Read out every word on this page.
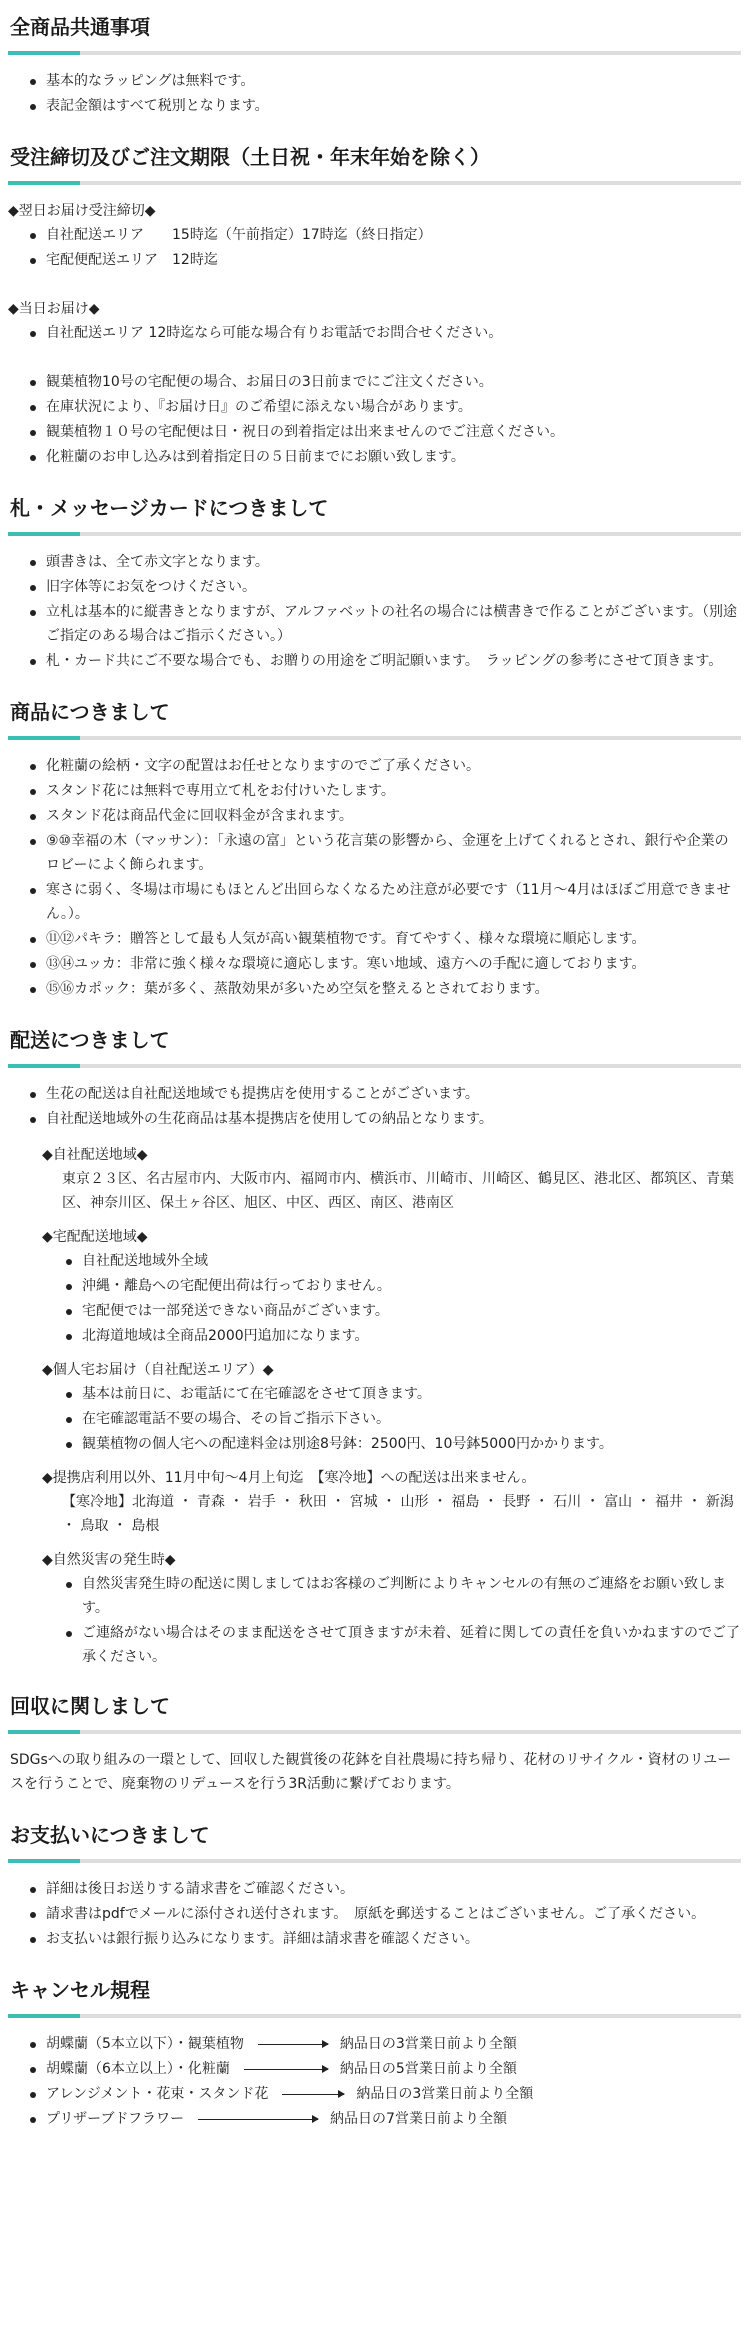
全商品共通事項
基本的なラッピングは無料です。
表記金額はすべて税別となります。
受注締切及びご注文期限（土日祝・年末年始を除く）
◆翌日お届け受注締切◆
自社配送エリア　　15時迄（午前指定）17時迄（終日指定）
宅配便配送エリア　12時迄
◆当日お届け◆
自社配送エリア 12時迄なら可能な場合有りお電話でお問合せください。
観葉植物10号の宅配便の場合、お届日の3日前までにご注文ください。
在庫状況により、『お届け日』のご希望に添えない場合があります。
観葉植物１０号の宅配便は日・祝日の到着指定は出来ませんのでご注意ください。
化粧蘭のお申し込みは到着指定日の５日前までにお願い致します。
札・メッセージカードにつきまして
頭書きは、全て赤文字となります。
旧字体等にお気をつけください。
立札は基本的に縦書きとなりますが、アルファベットの社名の場合には横書きで作ることがございます。（別途ご指定のある場合はご指示ください。）
札・カード共にご不要な場合でも、お贈りの用途をご明記願います。　ラッピングの参考にさせて頂きます。
商品につきまして
化粧蘭の絵柄・文字の配置はお任せとなりますのでご了承ください。
スタンド花には無料で専用立て札をお付けいたします。
スタンド花は商品代金に回収料金が含まれます。
⑨⑩幸福の木（マッサン）：「永遠の富」という花言葉の影響から、金運を上げてくれるとされ、銀行や企業のロビーによく飾られます。
寒さに弱く、冬場は市場にもほとんど出回らなくなるため注意が必要です（11月〜4月はほぼご用意できません。）。
⑪⑫パキラ：贈答として最も人気が高い観葉植物です。育てやすく、様々な環境に順応します。
⑬⑭ユッカ：非常に強く様々な環境に適応します。寒い地域、遠方への手配に適しております。
⑮⑯カポック：葉が多く、蒸散効果が多いため空気を整えるとされております。
配送につきまして
生花の配送は自社配送地域でも提携店を使用することがございます。
自社配送地域外の生花商品は基本提携店を使用しての納品となります。
◆自社配送地域◆
東京２３区、名古屋市内、大阪市内、福岡市内、横浜市、川崎市、川崎区、鶴見区、港北区、都筑区、青葉区、神奈川区、保土ヶ谷区、旭区、中区、西区、南区、港南区
◆宅配配送地域◆
自社配送地域外全域
沖縄・離島への宅配便出荷は行っておりません。
宅配便では一部発送できない商品がございます。
北海道地域は全商品2000円追加になります。
◆個人宅お届け（自社配送エリア）◆
基本は前日に、お電話にて在宅確認をさせて頂きます。
在宅確認電話不要の場合、その旨ご指示下さい。
観葉植物の個人宅への配達料金は別途8号鉢：2500円、10号鉢5000円かかります。
◆提携店利用以外、11月中旬〜4月上旬迄　【寒冷地】への配送は出来ません。
【寒冷地】北海道 ・ 青森 ・ 岩手 ・ 秋田 ・ 宮城 ・ 山形 ・ 福島 ・ 長野 ・ 石川 ・ 富山 ・ 福井 ・ 新潟 ・ 鳥取 ・ 島根
◆自然災害の発生時◆
自然災害発生時の配送に関しましてはお客様のご判断によりキャンセルの有無のご連絡をお願い致します。
ご連絡がない場合はそのまま配送をさせて頂きますが未着、延着に関しての責任を負いかねますのでご了承ください。
回収に関しまして

SDGsへの取り組みの一環として、回収した観賞後の花鉢を自社農場に持ち帰り、花材のリサイクル・資材のリユースを行うことで、廃棄物のリデュースを行う3R活動に繋げております。

お支払いにつきまして
詳細は後日お送りする請求書をご確認ください。
請求書はpdfでメールに添付され送付されます。　原紙を郵送することはございません。ご了承ください。
お支払いは銀行振り込みになります。詳細は請求書を確認ください。
キャンセル規程
胡蝶蘭（5本立以下）・観葉植物	納品日の3営業日前より全額
胡蝶蘭（6本立以上）・化粧蘭	納品日の5営業日前より全額
アレンジメント・花束・スタンド花	納品日の3営業日前より全額
プリザーブドフラワー	納品日の7営業日前より全額
